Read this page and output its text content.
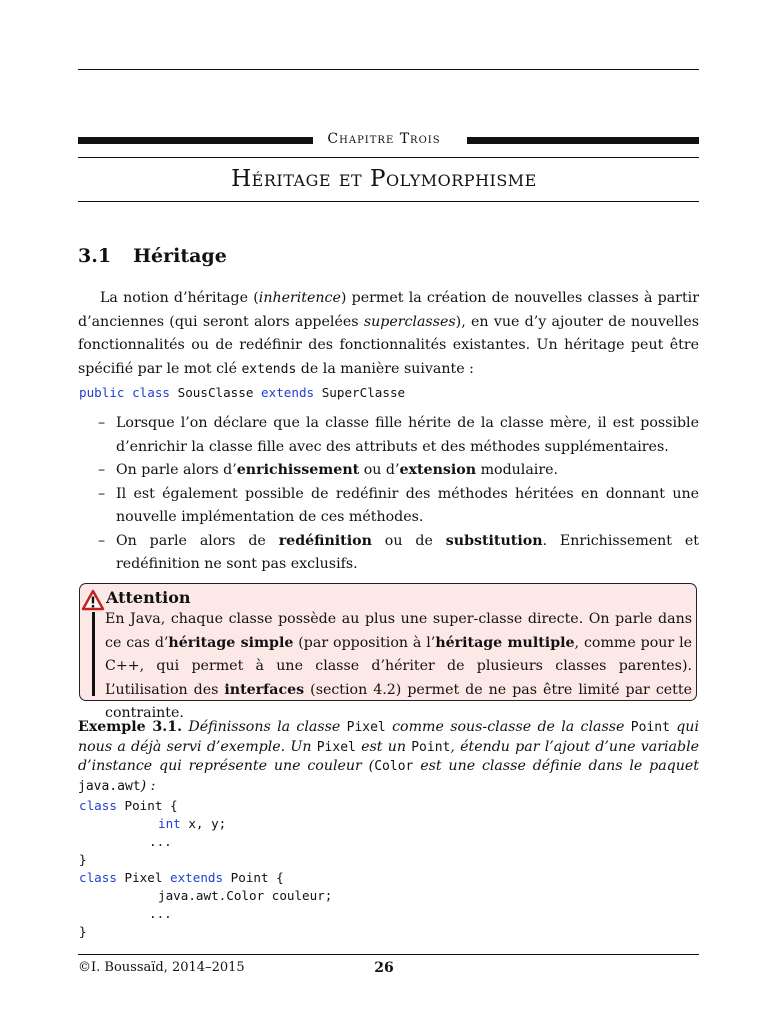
Chapitre Trois
Héritage et Polymorphisme
3.1 Héritage
La notion d’héritage (inheritence) permet la création de nouvelles classes à partir d’anciennes (qui seront alors appelées superclasses), en vue d’y ajouter de nouvelles fonctionnalités ou de redéfinir des fonctionnalités existantes. Un héritage peut être spécifié par le mot clé extends de la manière suivante :
public class SousClasse extends SuperClasse
– Lorsque l’on déclare que la classe fille hérite de la classe mère, il est possible d’enrichir la classe fille avec des attributs et des méthodes supplémentaires.
– On parle alors d’enrichissement ou d’extension modulaire.
– Il est également possible de redéfinir des méthodes héritées en donnant une nouvelle implémentation de ces méthodes.
– On parle alors de redéfinition ou de substitution. Enrichissement et redéfinition ne sont pas exclusifs.
Attention
En Java, chaque classe possède au plus une super-classe directe. On parle dans ce cas d’héritage simple (par opposition à l’héritage multiple, comme pour le C++, qui permet à une classe d’hériter de plusieurs classes parentes). L’utilisation des interfaces (section 4.2) permet de ne pas être limité par cette contrainte.
Exemple 3.1. Définissons la classe Pixel comme sous-classe de la classe Point qui nous a déjà servi d’exemple. Un Pixel est un Point, étendu par l’ajout d’une variable d’instance qui représente une couleur (Color est une classe définie dans le paquet java.awt) :
class Point {
int x, y;
...
}
class Pixel extends Point {
java.awt.Color couleur;
...
}
©I. Boussaïd, 2014–2015	26
